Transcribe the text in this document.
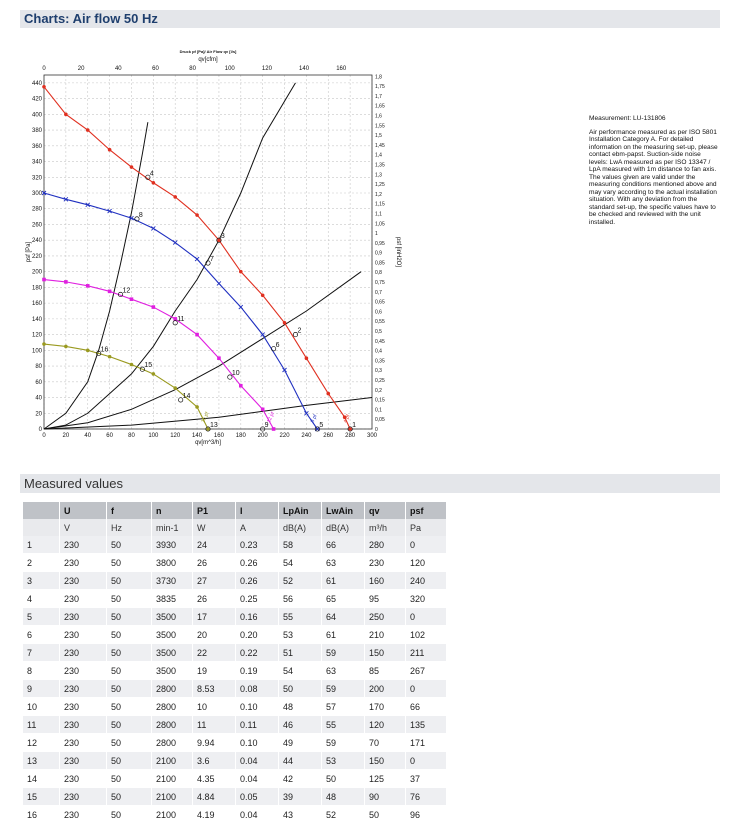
Charts: Air flow 50 Hz
0	20	40	60	80 100 120 140 160 180 200 220 240 260 280 300
0
20
40
60
80
100
120
140
160
180
200
220
240
260
280
300
320
340
360
380
400
420
440
0	20	40	60	80	100	120	140	160
0
0,05
0,1
0,15
0,2
0,25
0,3
0,35
0,4
0,45
0,5
0,55
0,6
0,65
0,7
0,75
0,8
0,85
0,9
0,95
1
1,05
1,1
1,15
1,2
1,25
1,3
1,35
1,4
1,45
1,5
1,55
1,6
1,65
1,7
1,75
1,8
qv[cfm]
qv[m^3/h]
Druck pf [Pa]/ Air Flow qv [l/s]
psf [Pa]	psf [inH2O]
4 pf
8 pf
12 pf
16 pf
1
2
3
4
5
6
7
8
9
10
11
12
13
14
15
16

Measurement: LU-131806

Air performance measured as per ISO 5801 Installation Category A. For detailed information on the measuring set-up, please contact ebm-papst. Suction-side noise levels: LwA measured as per ISO 13347 / LpA measured with 1m distance to fan axis. The values given are valid under the measuring conditions mentioned above and may vary according to the actual installation situation. With any deviation from the standard set-up, the specific values have to be checked and reviewed with the unit installed.

Measured values
	U	f	n	P1	I	LpAin	LwAin	qv	psf
	V	Hz	min-1	W	A	dB(A)	dB(A)	m³/h	Pa
1	230	50	3930	24	0.23	58	66	280	0
2	230	50	3800	26	0.26	54	63	230	120
3	230	50	3730	27	0.26	52	61	160	240
4	230	50	3835	26	0.25	56	65	95	320
5	230	50	3500	17	0.16	55	64	250	0
6	230	50	3500	20	0.20	53	61	210	102
7	230	50	3500	22	0.22	51	59	150	211
8	230	50	3500	19	0.19	54	63	85	267
9	230	50	2800	8.53	0.08	50	59	200	0
10	230	50	2800	10	0.10	48	57	170	66
11	230	50	2800	11	0.11	46	55	120	135
12	230	50	2800	9.94	0.10	49	59	70	171
13	230	50	2100	3.6	0.04	44	53	150	0
14	230	50	2100	4.35	0.04	42	50	125	37
15	230	50	2100	4.84	0.05	39	48	90	76
16	230	50	2100	4.19	0.04	43	52	50	96
